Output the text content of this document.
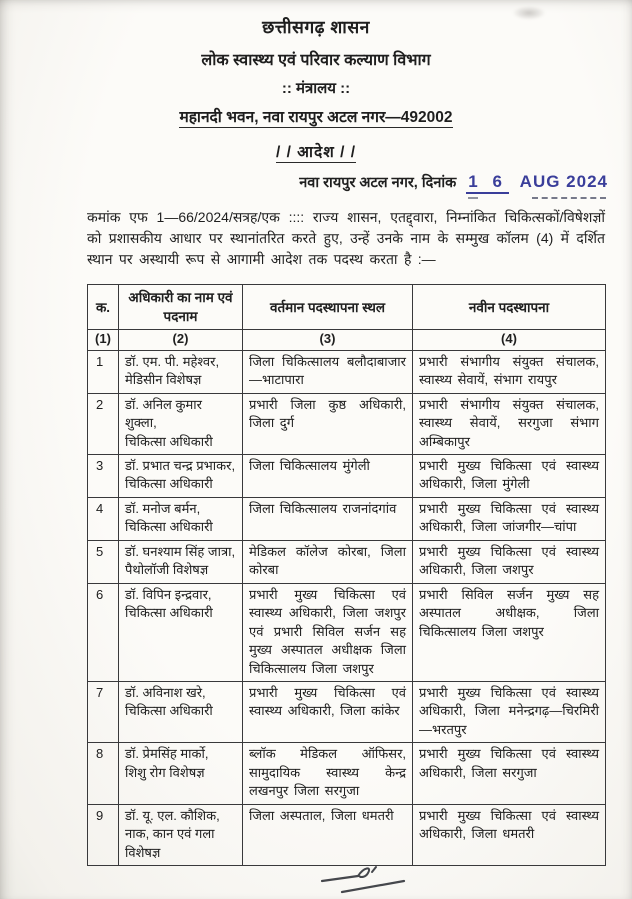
छत्तीसगढ़ शासन
लोक स्वास्थ्य एवं परिवार कल्याण विभाग
:: मंत्रालय ::
महानदी भवन, नवा रायपुर अटल नगर—492002
/ / आदेश / /
नवा रायपुर अटल नगर, दिनांक 1 6 AUG 2024
कमांक एफ 1—66/2024/सत्रह/एक :::: राज्य शासन, एतद्द्वारा, निम्नांकित चिकित्सकों/विषेशज्ञों को प्रशासकीय आधार पर स्थानांतरित करते हुए, उन्हें उनके नाम के सम्मुख कॉलम (4) में दर्शित स्थान पर अस्थायी रूप से आगामी आदेश तक पदस्थ करता है :—
क.	अधिकारी का नाम एवं पदनाम	वर्तमान पदस्थापना स्थल	नवीन पदस्थापना
(1)	(2)	(3)	(4)
1	डॉ. एम. पी. महेश्वर,
मेडिसीन विशेषज्ञ	जिला चिकित्सालय बलौदाबाजार—भाटापारा	प्रभारी संभागीय संयुक्त संचालक, स्वास्थ्य सेवायें, संभाग रायपुर
2	डॉ. अनिल कुमार शुक्ला,
चिकित्सा अधिकारी	प्रभारी जिला कुष्ठ अधिकारी, जिला दुर्ग	प्रभारी संभागीय संयुक्त संचालक, स्वास्थ्य सेवायें, सरगुजा संभाग अम्बिकापुर
3	डॉ. प्रभात चन्द्र प्रभाकर,
चिकित्सा अधिकारी	जिला चिकित्सालय मुंगेली	प्रभारी मुख्य चिकित्सा एवं स्वास्थ्य अधिकारी, जिला मुंगेली
4	डॉ. मनोज बर्मन,
चिकित्सा अधिकारी	जिला चिकित्सालय राजनांदगांव	प्रभारी मुख्य चिकित्सा एवं स्वास्थ्य अधिकारी, जिला जांजगीर—चांपा
5	डॉ. घनश्याम सिंह जात्रा,
पैथोलॉजी विशेषज्ञ	मेडिकल कॉलेज कोरबा, जिला कोरबा	प्रभारी मुख्य चिकित्सा एवं स्वास्थ्य अधिकारी, जिला जशपुर
6	डॉ. विपिन इन्द्रवार,
चिकित्सा अधिकारी	प्रभारी मुख्य चिकित्सा एवं स्वास्थ्य अधिकारी, जिला जशपुर एवं प्रभारी सिविल सर्जन सह मुख्य अस्पातल अधीक्षक जिला चिकित्सालय जिला जशपुर	प्रभारी सिविल सर्जन मुख्य सह अस्पातल अधीक्षक, जिला चिकित्सालय जिला जशपुर
7	डॉ. अविनाश खरे,
चिकित्सा अधिकारी	प्रभारी मुख्य चिकित्सा एवं स्वास्थ्य अधिकारी, जिला कांकेर	प्रभारी मुख्य चिकित्सा एवं स्वास्थ्य अधिकारी, जिला मनेन्द्रगढ़—चिरमिरी—भरतपुर
8	डॉ. प्रेमसिंह मार्को,
शिशु रोग विशेषज्ञ	ब्लॉक मेडिकल ऑफिसर, सामुदायिक स्वास्थ्य केन्द्र लखनपुर जिला सरगुजा	प्रभारी मुख्य चिकित्सा एवं स्वास्थ्य अधिकारी, जिला सरगुजा
9	डॉ. यू. एल. कौशिक,
नाक, कान एवं गला विशेषज्ञ	जिला अस्पताल, जिला धमतरी	प्रभारी मुख्य चिकित्सा एवं स्वास्थ्य अधिकारी, जिला धमतरी
